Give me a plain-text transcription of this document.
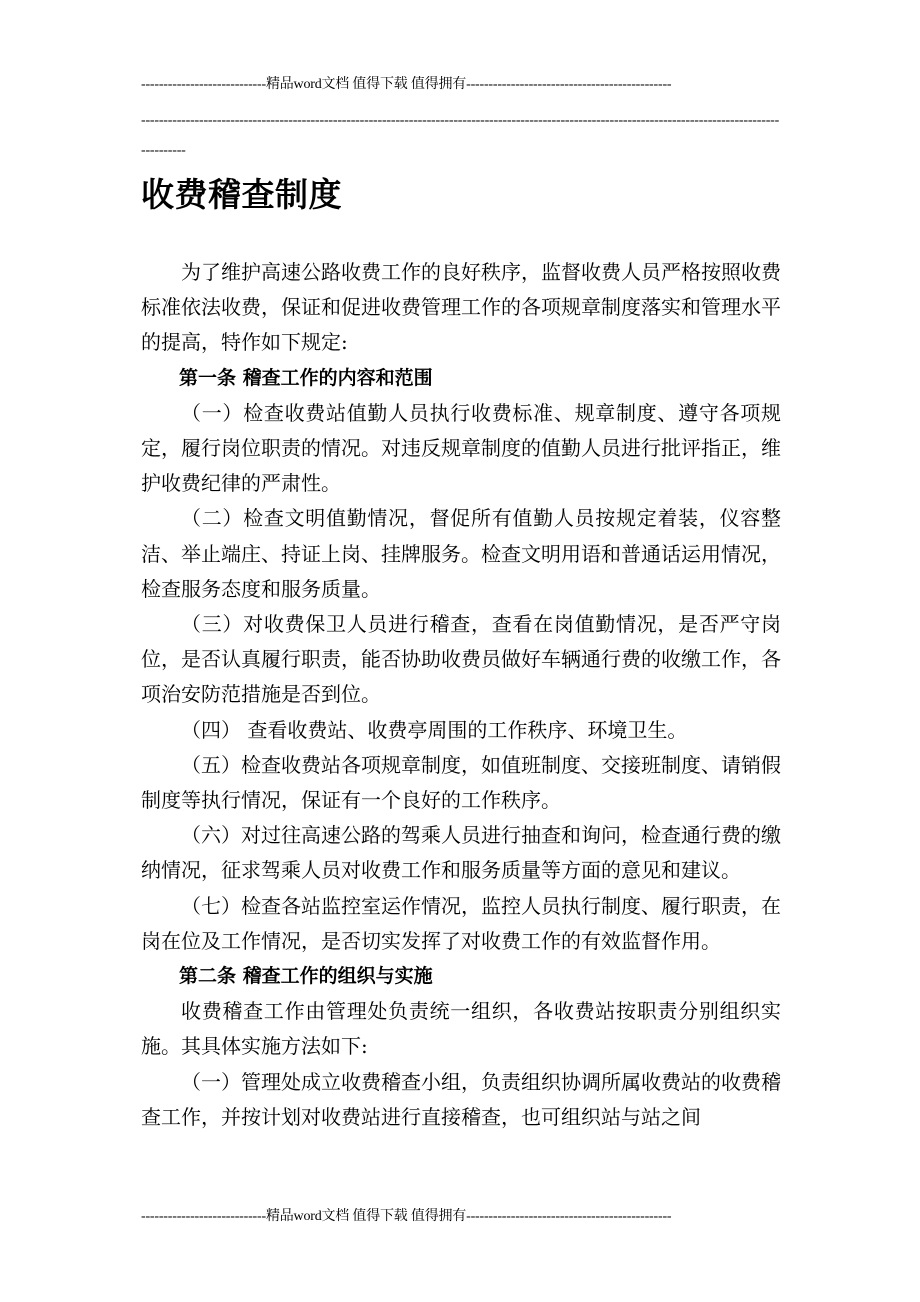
----------------------------精品word文档 值得下载 值得拥有----------------------------------------------
---------------------------------------------------------------------------------------------------------------------------------------------------------
收费稽查制度

为了维护高速公路收费工作的良好秩序，监督收费人员严格按照收费标准依法收费，保证和促进收费管理工作的各项规章制度落实和管理水平的提高，特作如下规定:

第一条 稽查工作的内容和范围

（一）检查收费站值勤人员执行收费标准、规章制度、遵守各项规定，履行岗位职责的情况。对违反规章制度的值勤人员进行批评指正，维护收费纪律的严肃性。

（二）检查文明值勤情况，督促所有值勤人员按规定着装，仪容整洁、举止端庄、持证上岗、挂牌服务。检查文明用语和普通话运用情况，检查服务态度和服务质量。

（三）对收费保卫人员进行稽查，查看在岗值勤情况，是否严守岗位，是否认真履行职责，能否协助收费员做好车辆通行费的收缴工作，各项治安防范措施是否到位。

（四） 查看收费站、收费亭周围的工作秩序、环境卫生。

（五）检查收费站各项规章制度，如值班制度、交接班制度、请销假制度等执行情况，保证有一个良好的工作秩序。

（六）对过往高速公路的驾乘人员进行抽查和询问，检查通行费的缴纳情况，征求驾乘人员对收费工作和服务质量等方面的意见和建议。

（七）检查各站监控室运作情况，监控人员执行制度、履行职责，在岗在位及工作情况，是否切实发挥了对收费工作的有效监督作用。

第二条 稽查工作的组织与实施

收费稽查工作由管理处负责统一组织，各收费站按职责分别组织实施。其具体实施方法如下:

（一）管理处成立收费稽查小组，负责组织协调所属收费站的收费稽查工作，并按计划对收费站进行直接稽查，也可组织站与站之间

----------------------------精品word文档 值得下载 值得拥有----------------------------------------------
